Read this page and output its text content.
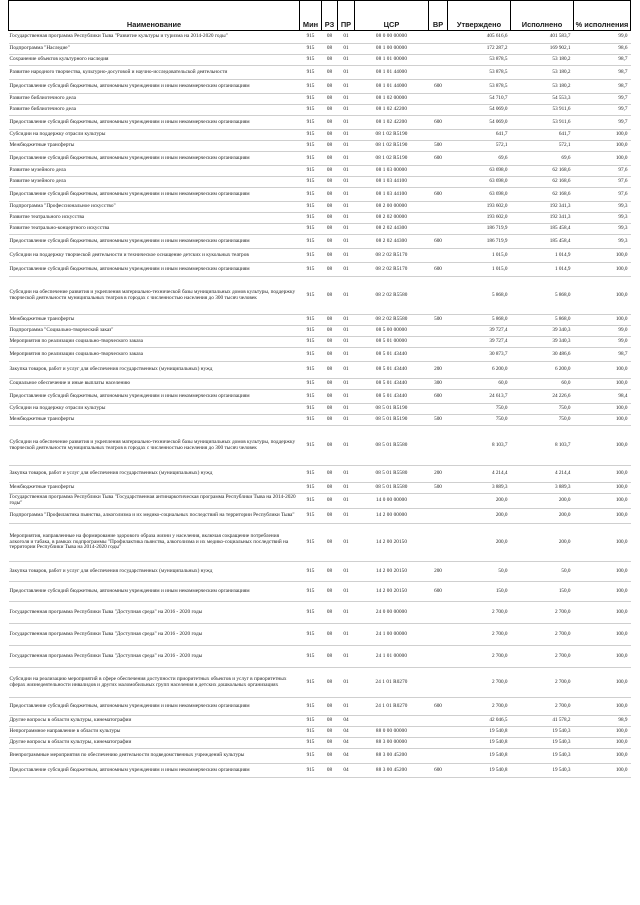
Наименование	Мин	РЗ	ПР	ЦСР	ВР	Утверждено	Исполнено	% исполнения
Государственная программа Республики Тыва "Развитие культуры и туризма на 2014-2020 годы"	915	08	01	08 0 00 00000		405 616,6	401 583,7	99,0
Подпрограмма "Наследие"	915	08	01	08 1 00 00000		172 287,2	169 902,1	98,6
Сохранение объектов культурного наследия	915	08	01	08 1 01 00000		53 878,5	53 180,2	98,7
Развитие народного творчества, культурно-досуговой и научно-исследовательской деятельности	915	08	01	08 1 01 44000		53 878,5	53 180,2	98,7
Предоставление субсидий бюджетным, автономным учреждениям и иным некоммерческим организациям	915	08	01	08 1 01 44000	600	53 878,5	53 180,2	98,7
Развитие библиотечного дела	915	08	01	08 1 02 00000		54 710,7	54 553,3	99,7
Развитие библиотечного дела	915	08	01	08 1 02 42200		54 069,0	53 911,6	99,7
Предоставление субсидий бюджетным, автономным учреждениям и иным некоммерческим организациям	915	08	01	08 1 02 42200	600	54 069,0	53 911,6	99,7
Субсидии на поддержку отрасли культуры	915	08	01	08 1 02 R5190		641,7	641,7	100,0
Межбюджетные трансферты	915	08	01	08 1 02 R5190	500	572,1	572,1	100,0
Предоставление субсидий бюджетным, автономным учреждениям и иным некоммерческим организациям	915	08	01	08 1 02 R5190	600	69,6	69,6	100,0
Развитие музейного дела	915	08	01	08 1 03 00000		63 698,0	62 168,6	97,6
Развитие музейного дела	915	08	01	08 1 03 44100		63 698,0	62 168,6	97,6
Предоставление субсидий бюджетным, автономным учреждениям и иным некоммерческим организациям	915	08	01	08 1 03 44100	600	63 698,0	62 168,6	97,6
Подпрограмма "Профессиональное искусство"	915	08	01	08 2 00 00000		193 602,0	192 341,3	99,3
Развитие театрального искусства	915	08	01	08 2 02 00000		193 602,0	192 341,3	99,3
Развитие театрально-концертного искусства	915	08	01	08 2 02 44300		186 719,9	185 458,4	99,3
Предоставление субсидий бюджетным, автономным учреждениям и иным некоммерческим организациям	915	08	01	08 2 02 44300	600	186 719,9	185 458,4	99,3
Субсидии на поддержку творческой деятельности и техническое оснащение детских и кукольных театров	915	08	01	08 2 02 R5170		1 015,0	1 014,9	100,0
Предоставление субсидий бюджетным, автономным учреждениям и иным некоммерческим организациям	915	08	01	08 2 02 R5170	600	1 015,0	1 014,9	100,0
Субсидии на обеспечение развития и укрепления материально-технической базы муниципальных домов культуры, поддержку творческой деятельности муниципальных театров в городах с численностью населения до 300 тысяч человек	915	08	01	08 2 02 R5580		5 868,0	5 868,0	100,0
Межбюджетные трансферты	915	08	01	08 2 02 R5580	500	5 868,0	5 868,0	100,0
Подпрограмма "Социально-творческий заказ"	915	08	01	08 5 00 00000		39 727,4	39 340,3	99,0
Мероприятия по реализации социально-творческого заказа	915	08	01	08 5 01 00000		39 727,4	39 340,3	99,0
Мероприятия по реализации социально-творческого заказа	915	08	01	08 5 01 43440		30 873,7	30 486,6	98,7
Закупка товаров, работ и услуг для обеспечения государственных (муниципальных) нужд	915	08	01	08 5 01 43440	200	6 200,0	6 200,0	100,0
Социальное обеспечение и иные выплаты населению	915	08	01	08 5 01 43440	300	60,0	60,0	100,0
Предоставление субсидий бюджетным, автономным учреждениям и иным некоммерческим организациям	915	08	01	08 5 01 43440	600	24 613,7	24 226,6	98,4
Субсидии на поддержку отрасли культуры	915	08	01	08 5 01 R5190		750,0	750,0	100,0
Межбюджетные трансферты	915	08	01	08 5 01 R5190	500	750,0	750,0	100,0
Субсидии на обеспечение развития и укрепления материально-технической базы муниципальных домов культуры, поддержку творческой деятельности муниципальных театров в городах с численностью населения до 300 тысяч человек	915	08	01	08 5 01 R5580		8 103,7	8 103,7	100,0
Закупка товаров, работ и услуг для обеспечения государственных (муниципальных) нужд	915	08	01	08 5 01 R5580	200	4 214,4	4 214,4	100,0
Межбюджетные трансферты	915	08	01	08 5 01 R5580	500	3 889,3	3 889,3	100,0
Государственная программа Республики Тыва "Государственная антинаркотическая программа Республики Тыва на 2014-2020 годы"	915	08	01	14 0 00 00000		200,0	200,0	100,0
Подпрограмма "Профилактика пьянства, алкоголизма и их медико-социальных последствий на территории Республики Тыва"	915	08	01	14 2 00 00000		200,0	200,0	100,0
Мероприятия, направленные на формирование здорового образа жизни у населения, включая сокращение потребления алкоголя и табака, в рамках подпрограммы "Профилактика пьянства, алкоголизма и их медико-социальных последствий на территории Республики Тыва на 2014-2020 годы"	915	08	01	14 2 00 20150		200,0	200,0	100,0
Закупка товаров, работ и услуг для обеспечения государственных (муниципальных) нужд	915	08	01	14 2 00 20150	200	50,0	50,0	100,0
Предоставление субсидий бюджетным, автономным учреждениям и иным некоммерческим организациям	915	08	01	14 2 00 20150	600	150,0	150,0	100,0
Государственная программа Республики Тыва "Доступная среда" на 2016 - 2020 годы	915	08	01	24 0 00 00000		2 700,0	2 700,0	100,0
Государственная программа Республики Тыва "Доступная среда" на 2016 - 2020 годы	915	08	01	24 1 00 00000		2 700,0	2 700,0	100,0
Государственная программа Республики Тыва "Доступная среда" на 2016 - 2020 годы	915	08	01	24 1 01 00000		2 700,0	2 700,0	100,0
Субсидии на реализацию мероприятий в сфере обеспечения доступности приоритетных объектов и услуг в приоритетных сферах жизнедеятельности инвалидов и других маломобильных групп населения в детских дошкольных организациях	915	08	01	24 1 01 R0270		2 700,0	2 700,0	100,0
Предоставление субсидий бюджетным, автономным учреждениям и иным некоммерческим организациям	915	08	01	24 1 01 R0270	600	2 700,0	2 700,0	100,0
Другие вопросы в области культуры, кинематографии	915	08	04			42 046,5	41 578,2	98,9
Непрограммное направление в области культуры	915	08	04	88 0 00 00000		19 540,8	19 540,3	100,0
Другие вопросы в области культуры, кинематографии	915	08	04	88 3 00 00000		19 540,8	19 540,3	100,0
Внепрограммные мероприятия по обеспечению деятельности подведомственных учреждений культуры	915	08	04	88 3 00 45200		19 540,8	19 540,3	100,0
Предоставление субсидий бюджетным, автономным учреждениям и иным некоммерческим организациям	915	08	04	88 3 00 45200	600	19 540,8	19 540,3	100,0
